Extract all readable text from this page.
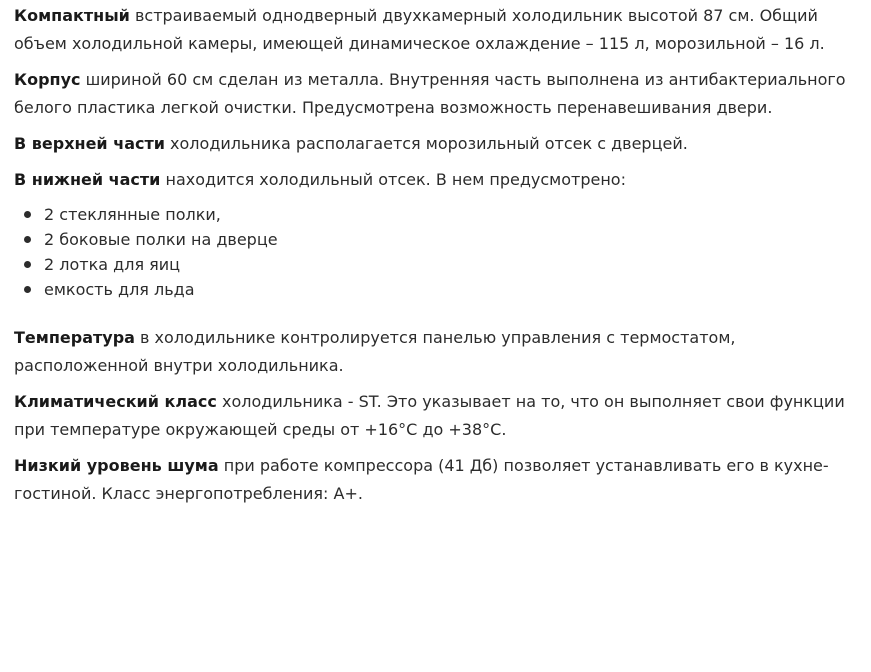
Компактный встраиваемый однодверный двухкамерный холодильник высотой 87 см. Общий объем холодильной камеры, имеющей динамическое охлаждение – 115 л, морозильной – 16 л.

Корпус шириной 60 см сделан из металла. Внутренняя часть выполнена из антибактериального белого пластика легкой очистки. Предусмотрена возможность перенавешивания двери.

В верхней части холодильника располагается морозильный отсек с дверцей.

В нижней части находится холодильный отсек. В нем предусмотрено:

2 стеклянные полки,
2 боковые полки на дверце
2 лотка для яиц
емкость для льда

Температура в холодильнике контролируется панелью управления с термостатом, расположенной внутри холодильника.

Климатический класс холодильника - ST. Это указывает на то, что он выполняет свои функции при температуре окружающей среды от +16°C до +38°C.

Низкий уровень шума при работе компрессора (41 Дб) позволяет устанавливать его в кухне-гостиной. Класс энергопотребления: А+.
